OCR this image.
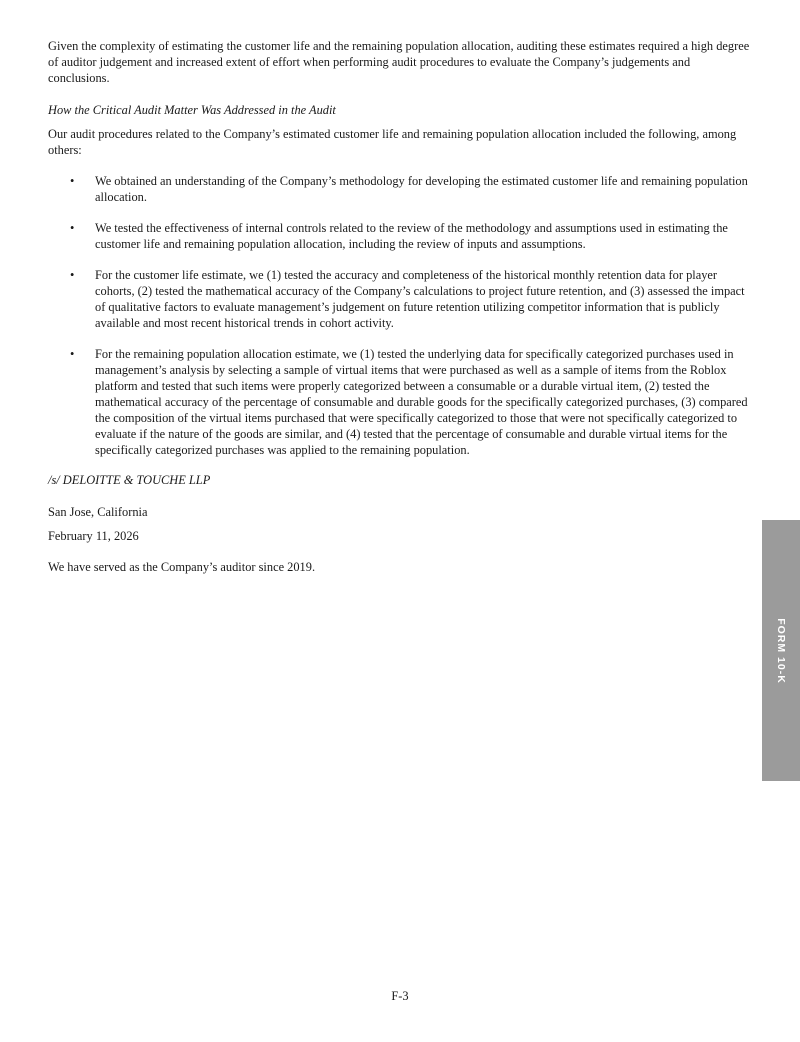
Given the complexity of estimating the customer life and the remaining population allocation, auditing these estimates required a high degree of auditor judgement and increased extent of effort when performing audit procedures to evaluate the Company’s judgements and conclusions.

How the Critical Audit Matter Was Addressed in the Audit

Our audit procedures related to the Company’s estimated customer life and remaining population allocation included the following, among others:

• We obtained an understanding of the Company’s methodology for developing the estimated customer life and remaining population allocation.
• We tested the effectiveness of internal controls related to the review of the methodology and assumptions used in estimating the customer life and remaining population allocation, including the review of inputs and assumptions.
• For the customer life estimate, we (1) tested the accuracy and completeness of the historical monthly retention data for player cohorts, (2) tested the mathematical accuracy of the Company’s calculations to project future retention, and (3) assessed the impact of qualitative factors to evaluate management’s judgement on future retention utilizing competitor information that is publicly available and most recent historical trends in cohort activity.
• For the remaining population allocation estimate, we (1) tested the underlying data for specifically categorized purchases used in management’s analysis by selecting a sample of virtual items that were purchased as well as a sample of items from the Roblox platform and tested that such items were properly categorized between a consumable or a durable virtual item, (2) tested the mathematical accuracy of the percentage of consumable and durable goods for the specifically categorized purchases, (3) compared the composition of the virtual items purchased that were specifically categorized to those that were not specifically categorized to evaluate if the nature of the goods are similar, and (4) tested that the percentage of consumable and durable virtual items for the specifically categorized purchases was applied to the remaining population.

/s/ DELOITTE & TOUCHE LLP

San Jose, California

February 11, 2026

We have served as the Company’s auditor since 2019.

FORM 10-K
F-3
